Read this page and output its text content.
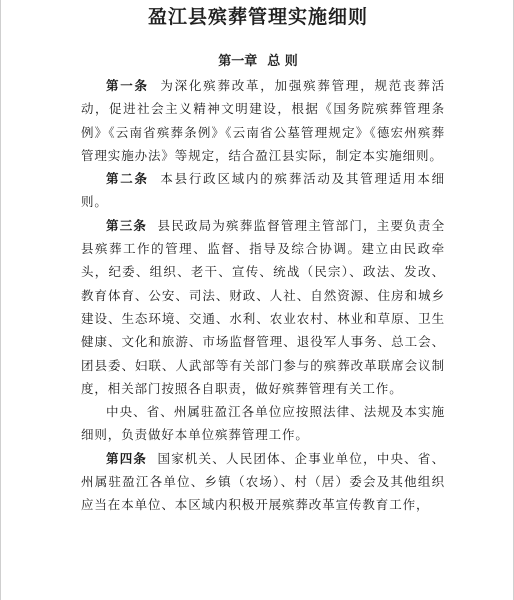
盈江县殡葬管理实施细则
第一章 总 则

第一条 为深化殡葬改革，加强殡葬管理，规范丧葬活动，促进社会主义精神文明建设，根据《国务院殡葬管理条例》《云南省殡葬条例》《云南省公墓管理规定》《德宏州殡葬管理实施办法》等规定，结合盈江县实际，制定本实施细则。

第二条 本县行政区域内的殡葬活动及其管理适用本细则。

第三条 县民政局为殡葬监督管理主管部门，主要负责全县殡葬工作的管理、监督、指导及综合协调。建立由民政牵头，纪委、组织、老干、宣传、统战（民宗）、政法、发改、教育体育、公安、司法、财政、人社、自然资源、住房和城乡建设、生态环境、交通、水利、农业农村、林业和草原、卫生健康、文化和旅游、市场监督管理、退役军人事务、总工会、团县委、妇联、人武部等有关部门参与的殡葬改革联席会议制度，相关部门按照各自职责，做好殡葬管理有关工作。

中央、省、州属驻盈江各单位应按照法律、法规及本实施细则，负责做好本单位殡葬管理工作。

第四条 国家机关、人民团体、企事业单位，中央、省、州属驻盈江各单位、乡镇（农场）、村（居）委会及其他组织应当在本单位、本区域内积极开展殡葬改革宣传教育工作，
